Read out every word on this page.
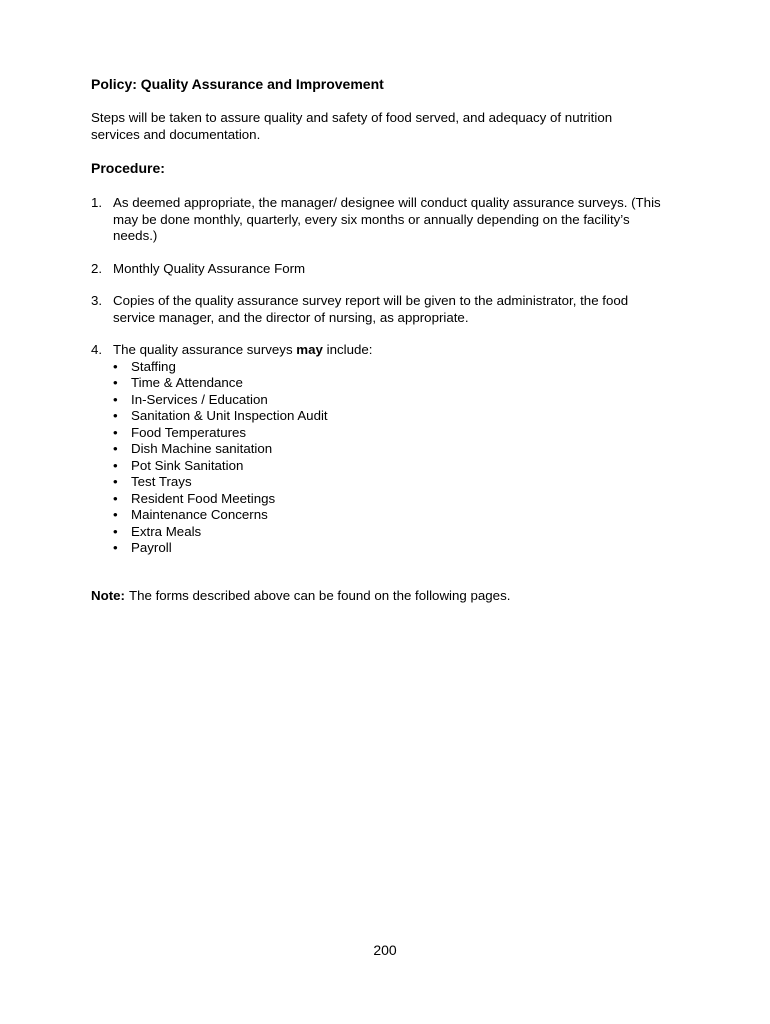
Policy: Quality Assurance and Improvement
Steps will be taken to assure quality and safety of food served, and adequacy of nutrition services and documentation.
Procedure:
1. As deemed appropriate, the manager/ designee will conduct quality assurance surveys. (This may be done monthly, quarterly, every six months or annually depending on the facility’s needs.)
2. Monthly Quality Assurance Form
3. Copies of the quality assurance survey report will be given to the administrator, the food service manager, and the director of nursing, as appropriate.
4. The quality assurance surveys may include:
• Staffing
• Time & Attendance
• In-Services / Education
• Sanitation & Unit Inspection Audit
• Food Temperatures
• Dish Machine sanitation
• Pot Sink Sanitation
• Test Trays
• Resident Food Meetings
• Maintenance Concerns
• Extra Meals
• Payroll
Note: The forms described above can be found on the following pages.
200
